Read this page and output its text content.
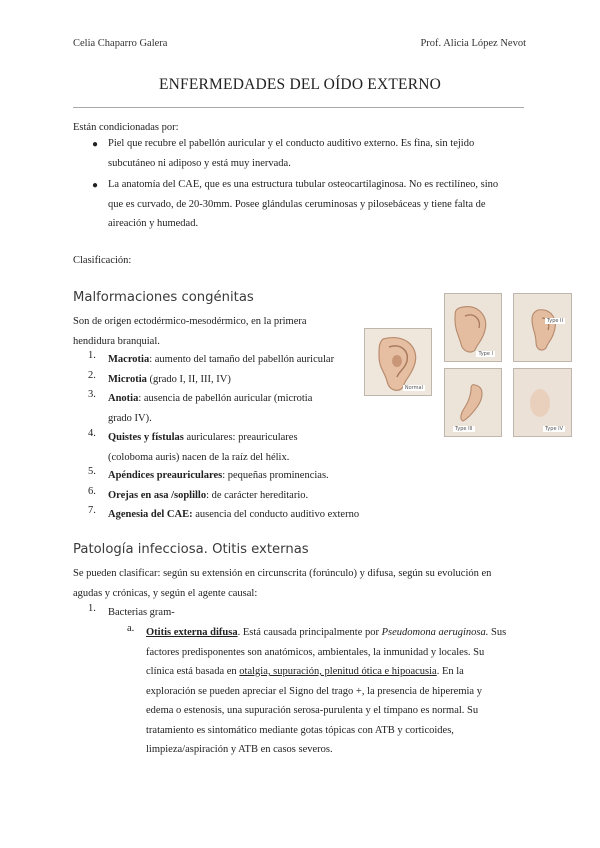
Celia Chaparro Galera	Prof. Alicia López Nevot
ENFERMEDADES DEL OÍDO EXTERNO
Están condicionadas por:
● Piel que recubre el pabellón auricular y el conducto auditivo externo. Es fina, sin tejido
subcutáneo ni adiposo y está muy inervada.
● La anatomía del CAE, que es una estructura tubular osteocartilaginosa. No es rectilíneo, sino
que es curvado, de 20-30mm. Posee glándulas ceruminosas y pilosebáceas y tiene falta de
aireación y humedad.
Clasificación:
Malformaciones congénitas
Son de origen ectodérmico-mesodérmico, en la primera
hendidura branquial.
1. Macrotia: aumento del tamaño del pabellón auricular
2. Microtia (grado I, II, III, IV)
3. Anotia: ausencia de pabellón auricular (microtia
grado IV).
4. Quistes y fístulas auriculares: preauriculares
(coloboma auris) nacen de la raíz del hélix.
5. Apéndices preauriculares: pequeñas prominencias.
6. Orejas en asa /soplillo: de carácter hereditario.
7. Agenesia del CAE: ausencia del conducto auditivo externo
Normal
Type I
Type II
Type III	Type IV
Patología infecciosa. Otitis externas
Se pueden clasificar: según su extensión en circunscrita (forúnculo) y difusa, según su evolución en
agudas y crónicas, y según el agente causal:
1. Bacterias gram-
a. Otitis externa difusa. Está causada principalmente por Pseudomona aeruginosa. Sus
factores predisponentes son anatómicos, ambientales, la inmunidad y locales. Su
clínica está basada en otalgia, supuración, plenitud ótica e hipoacusia. En la
exploración se pueden apreciar el Signo del trago +, la presencia de hiperemia y
edema o estenosis, una supuración serosa-purulenta y el tímpano es normal. Su
tratamiento es sintomático mediante gotas tópicas con ATB y corticoides,
limpieza/aspiración y ATB en casos severos.
